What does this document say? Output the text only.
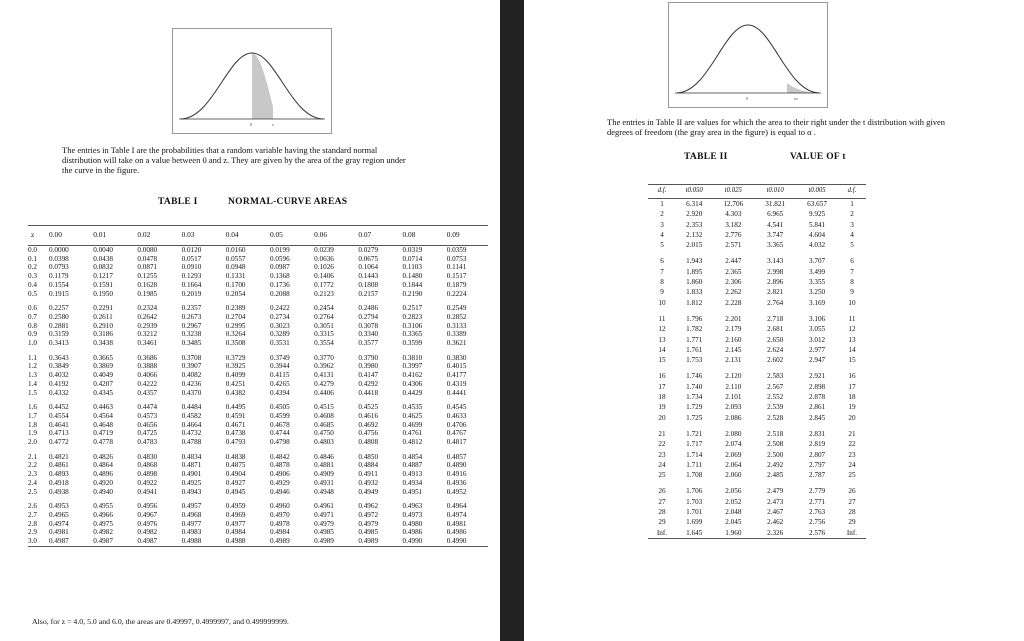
0	z
The entries in Table I are the probabilities that a random variable having the standard normal distribution will take on a value between 0 and z. They are given by the area of the gray region under the curve in the figure.
TABLE I	NORMAL-CURVE AREAS
z	0.00	0.01	0.02	0.03	0.04	0.05	0.06	0.07	0.08	0.09
0.0	0.0000	0.0040	0.0080	0.0120	0.0160	0.0199	0.0239	0.0279	0.0319	0.0359
0.1	0.0398	0.0438	0.0478	0.0517	0.0557	0.0596	0.0636	0.0675	0.0714	0.0753
0.2	0.0793	0.0832	0.0871	0.0910	0.0948	0.0987	0.1026	0.1064	0.1103	0.1141
0.3	0.1179	0.1217	0.1255	0.1293	0.1331	0.1368	0.1406	0.1443	0.1480	0.1517
0.4	0.1554	0.1591	0.1628	0.1664	0.1700	0.1736	0.1772	0.1808	0.1844	0.1879
0.5	0.1915	0.1950	0.1985	0.2019	0.2054	0.2088	0.2123	0.2157	0.2190	0.2224
0.6	0.2257	0.2291	0.2324	0.2357	0.2389	0.2422	0.2454	0.2486	0.2517	0.2549
0.7	0.2580	0.2611	0.2642	0.2673	0.2704	0.2734	0.2764	0.2794	0.2823	0.2852
0.8	0.2881	0.2910	0.2939	0.2967	0.2995	0.3023	0.3051	0.3078	0.3106	0.3133
0.9	0.3159	0.3186	0.3212	0.3238	0.3264	0.3289	0.3315	0.3340	0.3365	0.3389
1.0	0.3413	0.3438	0.3461	0.3485	0.3508	0.3531	0.3554	0.3577	0.3599	0.3621
1.1	0.3643	0.3665	0.3686	0.3708	0.3729	0.3749	0.3770	0.3790	0.3810	0.3830
1.2	0.3849	0.3869	0.3888	0.3907	0.3925	0.3944	0.3962	0.3980	0.3997	0.4015
1.3	0.4032	0.4049	0.4066	0.4082	0.4099	0.4115	0.4131	0.4147	0.4162	0.4177
1.4	0.4192	0.4207	0.4222	0.4236	0.4251	0.4265	0.4279	0.4292	0.4306	0.4319
1.5	0.4332	0.4345	0.4357	0.4370	0.4382	0.4394	0.4406	0.4418	0.4429	0.4441
1.6	0.4452	0.4463	0.4474	0.4484	0.4495	0.4505	0.4515	0.4525	0.4535	0.4545
1.7	0.4554	0.4564	0.4573	0.4582	0.4591	0.4599	0.4608	0.4616	0.4625	0.4633
1.8	0.4641	0.4648	0.4656	0.4664	0.4671	0.4678	0.4685	0.4692	0.4699	0.4706
1.9	0.4713	0.4719	0.4725	0.4732	0.4738	0.4744	0.4750	0.4756	0.4761	0.4767
2.0	0.4772	0.4778	0.4783	0.4788	0.4793	0.4798	0.4803	0.4808	0.4812	0.4817
2.1	0.4821	0.4826	0.4830	0.4834	0.4838	0.4842	0.4846	0.4850	0.4854	0.4857
2.2	0.4861	0.4864	0.4868	0.4871	0.4875	0.4878	0.4881	0.4884	0.4887	0.4890
2.3	0.4893	0.4896	0.4898	0.4901	0.4904	0.4906	0.4909	0.4911	0.4913	0.4916
2.4	0.4918	0.4920	0.4922	0.4925	0.4927	0.4929	0.4931	0.4932	0.4934	0.4936
2.5	0.4938	0.4940	0.4941	0.4943	0.4945	0.4946	0.4948	0.4949	0.4951	0.4952
2.6	0.4953	0.4955	0.4956	0.4957	0.4959	0.4960	0.4961	0.4962	0.4963	0.4964
2.7	0.4965	0.4966	0.4967	0.4968	0.4969	0.4970	0.4971	0.4972	0.4973	0.4974
2.8	0.4974	0.4975	0.4976	0.4977	0.4977	0.4978	0.4979	0.4979	0.4980	0.4981
2.9	0.4981	0.4982	0.4982	0.4983	0.4984	0.4984	0.4985	0.4985	0.4986	0.4986
3.0	0.4987	0.4987	0.4987	0.4988	0.4988	0.4989	0.4989	0.4989	0.4990	0.4990
Also, for z = 4.0, 5.0 and 6.0, the areas are 0.49997, 0.4999997, and 0.499999999.
0	tα
The entries in Table II are values for which the area to their right under the t distribution with given degrees of freedom (the gray area in the figure) is equal to α .
TABLE II	VALUE OF t
d.f.	t0.050	t0.025	t0.010	t0.005	d.f.
1	6.314	12.706	31.821	63.657	1
2	2.920	4.303	6.965	9.925	2
3	2.353	3.182	4.541	5.841	3
4	2.132	2.776	3.747	4.604	4
5	2.015	2.571	3.365	4.032	5
6	1.943	2.447	3.143	3.707	6
7	1.895	2.365	2.998	3.499	7
8	1.860	2.306	2.896	3.355	8
9	1.833	2.262	2.821	3.250	9
10	1.812	2.228	2.764	3.169	10
11	1.796	2.201	2.718	3.106	11
12	1.782	2.179	2.681	3.055	12
13	1.771	2.160	2.650	3.012	13
14	1.761	2.145	2.624	2.977	14
15	1.753	2.131	2.602	2.947	15
16	1.746	2.120	2.583	2.921	16
17	1.740	2.110	2.567	2.898	17
18	1.734	2.101	2.552	2.878	18
19	1.729	2.093	2.539	2.861	19
20	1.725	2.086	2.528	2.845	20
21	1.721	2.080	2.518	2.831	21
22	1.717	2.074	2.508	2.819	22
23	1.714	2.069	2.500	2.807	23
24	1.711	2.064	2.492	2.797	24
25	1.708	2.060	2.485	2.787	25
26	1.706	2.056	2.479	2.779	26
27	1.703	2.052	2.473	2.771	27
28	1.701	2.048	2.467	2.763	28
29	1.699	2.045	2.462	2.756	29
Inf.	1.645	1.960	2.326	2.576	Inf.
